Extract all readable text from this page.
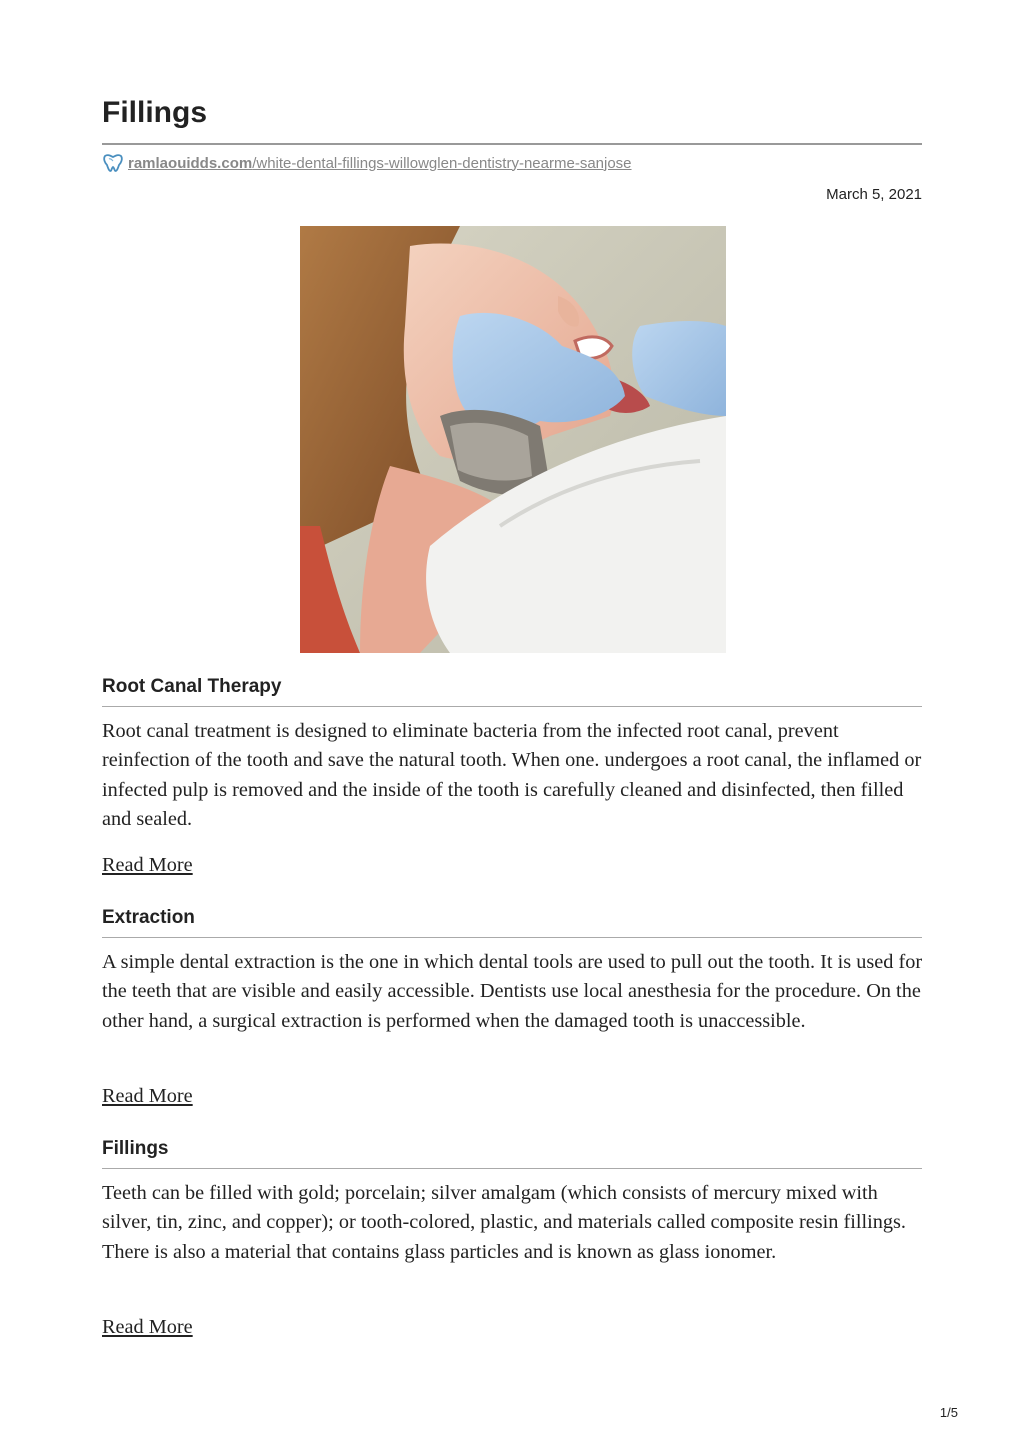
Fillings
ramlaouidds.com/white-dental-fillings-willowglen-dentistry-nearme-sanjose
March 5, 2021
Root Canal Therapy

Root canal treatment is designed to eliminate bacteria from the infected root canal, prevent reinfection of the tooth and save the natural tooth. When one. undergoes a root canal, the inflamed or infected pulp is removed and the inside of the tooth is carefully cleaned and disinfected, then filled and sealed.

Read More
Extraction

A simple dental extraction is the one in which dental tools are used to pull out the tooth. It is used for the teeth that are visible and easily accessible. Dentists use local anesthesia for the procedure. On the other hand, a surgical extraction is performed when the damaged tooth is unaccessible.

Read More
Fillings

Teeth can be filled with gold; porcelain; silver amalgam (which consists of mercury mixed with silver, tin, zinc, and copper); or tooth-colored, plastic, and materials called composite resin fillings. There is also a material that contains glass particles and is known as glass ionomer.

Read More
1/5
